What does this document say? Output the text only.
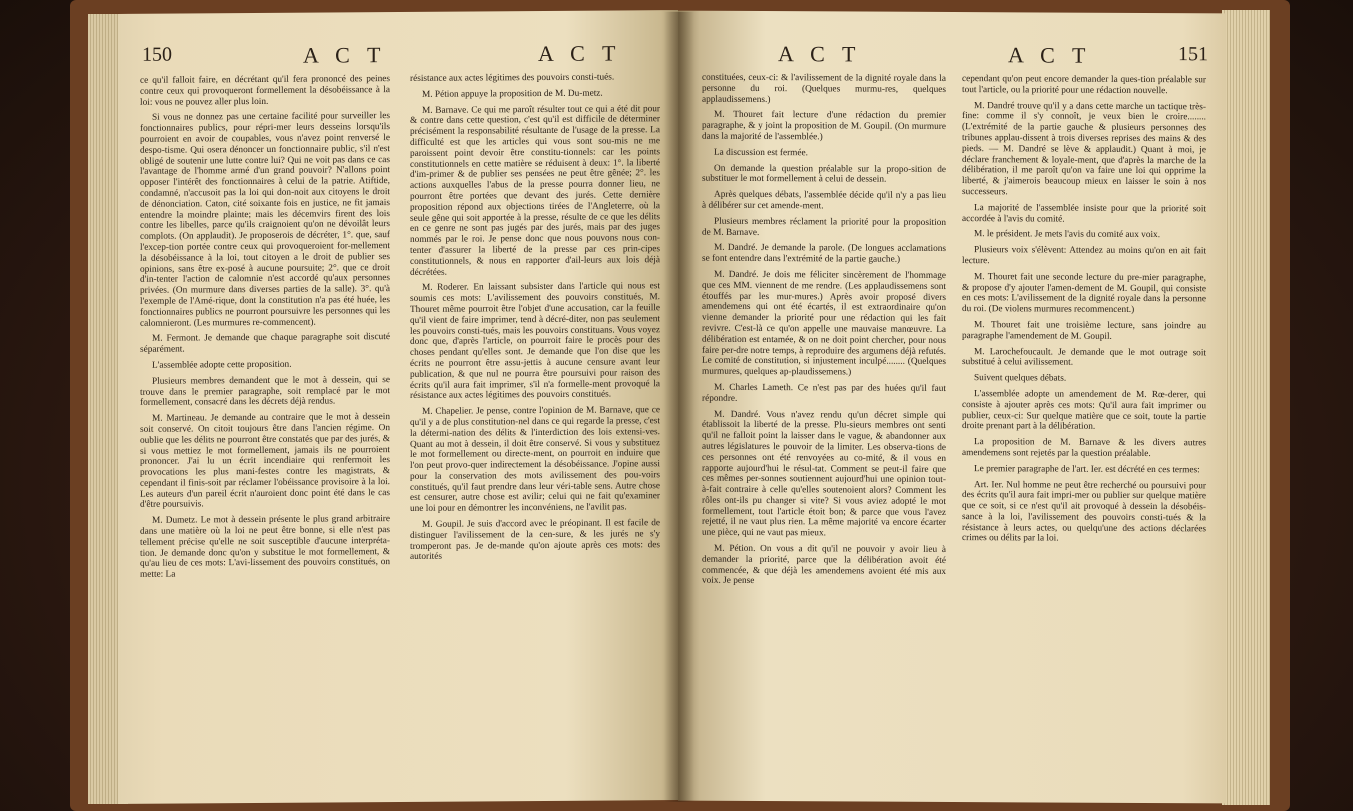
150	A C T	A C T

ce qu'il falloit faire, en décrétant qu'il fera prononcé des peines contre ceux qui provoqueront formellement la désobéissance à la loi: vous ne pouvez aller plus loin.

Si vous ne donnez pas une certaine facilité pour surveiller les fonctionnaires publics, pour répri-mer leurs desseins lorsqu'ils pourroient en avoir de coupables, vous n'avez point renversé le despo-tisme. Qui osera dénoncer un fonctionnaire public, s'il n'est obligé de soutenir une lutte contre lui? Qui ne voit pas dans ce cas l'avantage de l'homme armé d'un grand pouvoir? N'allons point opposer l'intérêt des fonctionnaires à celui de la patrie. Atiftide, condamné, n'accusoit pas la loi qui don-noit aux citoyens le droit de dénonciation. Caton, cité soixante fois en justice, ne fit jamais entendre la moindre plainte; mais les décemvirs firent des lois contre les libelles, parce qu'ils craignoient qu'on ne dévoilât leurs complots. (On applaudit). Je proposerois de décréter, 1°. que, sauf l'excep-tion portée contre ceux qui provoqueroient for-mellement la désobéissance à la loi, tout citoyen a le droit de publier ses opinions, sans être ex-posé à aucune poursuite; 2°. que ce droit d'in-tenter l'action de calomnie n'est accordé qu'aux personnes privées. (On murmure dans diverses parties de la salle). 3°. qu'à l'exemple de l'Amé-rique, dont la constitution n'a pas été huée, les fonctionnaires publics ne pourront poursuivre les personnes qui les calomnieront. (Les murmures re-commencent).

M. Fermont. Je demande que chaque paragraphe soit discuté séparément.

L'assemblée adopte cette proposition.

Plusieurs membres demandent que le mot à dessein, qui se trouve dans le premier paragraphe, soit remplacé par le mot formellement, consacré dans les décrets déjà rendus.

M. Martineau. Je demande au contraire que le mot à dessein soit conservé. On citoit toujours être dans l'ancien régime. On oublie que les délits ne pourront être constatés que par des jurés, & si vous mettiez le mot formellement, jamais ils ne pourroient prononcer. J'ai lu un écrit incendiaire qui renfermoit les provocations les plus mani-festes contre les magistrats, & cependant il finis-soit par réclamer l'obéissance provisoire à la loi. Les auteurs d'un pareil écrit n'auroient donc point été dans le cas d'être poursuivis.

M. Dumetz. Le mot à dessein présente le plus grand arbitraire dans une matière où la loi ne peut être bonne, si elle n'est pas tellement précise qu'elle ne soit susceptible d'aucune interpréta-tion. Je demande donc qu'on y substitue le mot formellement, & qu'au lieu de ces mots: L'avi-lissement des pouvoirs constitués, on mette: La

résistance aux actes légitimes des pouvoirs consti-tués.

M. Pétion appuye la proposition de M. Du-metz.

M. Barnave. Ce qui me paroît résulter tout ce qui a été dit pour & contre dans cette question, c'est qu'il est difficile de déterminer précisément la responsabilité résultante de l'usage de la presse. La difficulté est que les articles qui vous sont sou-mis ne me paroissent point devoir être constitu-tionnels: car les points constitutionnels en cette matière se réduisent à deux: 1°. la liberté d'im-primer & de publier ses pensées ne peut être gênée; 2°. les actions auxquelles l'abus de la presse pourra donner lieu, ne pourront être portées que devant des jurés. Cette dernière proposition répond aux objections tirées de l'Angleterre, où la seule gêne qui soit apportée à la presse, résulte de ce que les délits en ce genre ne sont pas jugés par des jurés, mais par des juges nommés par le roi. Je pense donc que nous pouvons nous con-tenter d'assurer la liberté de la presse par ces prin-cipes constitutionnels, & nous en rapporter d'ail-leurs aux lois déjà décrétées.

M. Roderer. En laissant subsister dans l'article qui nous est soumis ces mots: L'avilissement des pouvoirs constitués, M. Thouret même pourroit être l'objet d'une accusation, car la feuille qu'il vient de faire imprimer, tend à décré-diter, non pas seulement les pouvoirs consti-tués, mais les pouvoirs constituans. Vous voyez donc que, d'après l'article, on pourroit faire le procès pour des choses pendant qu'elles sont. Je demande que l'on dise que les écrits ne pourront être assu-jettis à aucune censure avant leur publication, & que nul ne pourra être poursuivi pour raison des écrits qu'il aura fait imprimer, s'il n'a formelle-ment provoqué la résistance aux actes légitimes des pouvoirs constitués.

M. Chapelier. Je pense, contre l'opinion de M. Barnave, que ce qu'il y a de plus constitution-nel dans ce qui regarde la presse, c'est la détermi-nation des délits & l'interdiction des lois extensi-ves. Quant au mot à dessein, il doit être conservé. Si vous y substituez le mot formellement ou directe-ment, on pourroit en induire que l'on peut provo-quer indirectement la désobéissance. J'opine aussi pour la conservation des mots avilissement des pou-voirs constitués, qu'il faut prendre dans leur véri-table sens. Autre chose est censurer, autre chose est avilir; celui qui ne fait qu'examiner une loi pour en démontrer les inconvéniens, ne l'avilit pas.

M. Goupil. Je suis d'accord avec le préopinant. Il est facile de distinguer l'avilissement de la cen-sure, & les jurés ne s'y tromperont pas. Je de-mande qu'on ajoute après ces mots: des autorités

A C T	A C T	151

constituées, ceux-ci: & l'avilissement de la dignité royale dans la personne du roi. (Quelques murmu-res, quelques applaudissemens.)

M. Thouret fait lecture d'une rédaction du premier paragraphe, & y joint la proposition de M. Goupil. (On murmure dans la majorité de l'assemblée.)

La discussion est fermée.

On demande la question préalable sur la propo-sition de substituer le mot formellement à celui de dessein.

Après quelques débats, l'assemblée décide qu'il n'y a pas lieu à délibérer sur cet amende-ment.

Plusieurs membres réclament la priorité pour la proposition de M. Barnave.

M. Dandré. Je demande la parole. (De longues acclamations se font entendre dans l'extrémité de la partie gauche.)

M. Dandré. Je dois me féliciter sincèrement de l'hommage que ces MM. viennent de me rendre. (Les applaudissemens sont étouffés par les mur-mures.) Après avoir proposé divers amendemens qui ont été écartés, il est extraordinaire qu'on vienne demander la priorité pour une rédaction qui les fait revivre. C'est-là ce qu'on appelle une mauvaise manœuvre. La délibération est entamée, & on ne doit point chercher, pour nous faire per-dre notre temps, à reproduire des argumens déjà refutés. Le comité de constitution, si injustement inculpé........ (Quelques murmures, quelques ap-plaudissemens.)

M. Charles Lameth. Ce n'est pas par des huées qu'il faut répondre.

M. Dandré. Vous n'avez rendu qu'un décret simple qui établissoit la liberté de la presse. Plu-sieurs membres ont senti qu'il ne falloit point la laisser dans le vague, & abandonner aux autres législatures le pouvoir de la limiter. Les observa-tions de ces personnes ont été renvoyées au co-mité, & il vous en rapporte aujourd'hui le résul-tat. Comment se peut-il faire que ces mêmes per-sonnes soutiennent aujourd'hui une opinion tout-à-fait contraire à celle qu'elles soutenoient alors? Comment les rôles ont-ils pu changer si vite? Si vous aviez adopté le mot formellement, tout l'article étoit bon; & parce que vous l'avez rejetté, il ne vaut plus rien. La même majorité va encore écarter une pièce, qui ne vaut pas mieux.

M. Pétion. On vous a dit qu'il ne pouvoir y avoir lieu à demander la priorité, parce que la délibération avoit été commencée, & que déjà les amendemens avoient été mis aux voix. Je pense

cependant qu'on peut encore demander la ques-tion préalable sur tout l'article, ou la priorité pour une rédaction nouvelle.

M. Dandré trouve qu'il y a dans cette marche un tactique très-fine: comme il s'y connoît, je veux bien le croire........ (L'extrémité de la partie gauche & plusieurs personnes des tribunes applau-dissent à trois diverses reprises des mains & des pieds. — M. Dandré se lève & applaudit.) Quant à moi, je déclare franchement & loyale-ment, que d'après la marche de la délibération, il me paroît qu'on va faire une loi qui opprime la liberté, & j'aimerois beaucoup mieux en laisser le soin à nos successeurs.

La majorité de l'assemblée insiste pour que la priorité soit accordée à l'avis du comité.

M. le président. Je mets l'avis du comité aux voix.

Plusieurs voix s'élèvent: Attendez au moins qu'on en ait fait lecture.

M. Thouret fait une seconde lecture du pre-mier paragraphe, & propose d'y ajouter l'amen-dement de M. Goupil, qui consiste en ces mots: L'avilissement de la dignité royale dans la personne du roi. (De violens murmures recommencent.)

M. Thouret fait une troisième lecture, sans joindre au paragraphe l'amendement de M. Goupil.

M. Larochefoucault. Je demande que le mot outrage soit substitué à celui avilissement.

Suivent quelques débats.

L'assemblée adopte un amendement de M. Rœ-derer, qui consiste à ajouter après ces mots: Qu'il aura fait imprimer ou publier, ceux-ci: Sur quelque matière que ce soit, toute la partie droite prenant part à la délibération.

La proposition de M. Barnave & les divers autres amendemens sont rejetés par la question préalable.

Le premier paragraphe de l'art. Ier. est décrété en ces termes:

Art. Ier. Nul homme ne peut être recherché ou poursuivi pour des écrits qu'il aura fait impri-mer ou publier sur quelque matière que ce soit, si ce n'est qu'il ait provoqué à dessein la désobéis-sance à la loi, l'avilissement des pouvoirs consti-tués & la résistance à leurs actes, ou quelqu'une des actions déclarées crimes ou délits par la loi.
